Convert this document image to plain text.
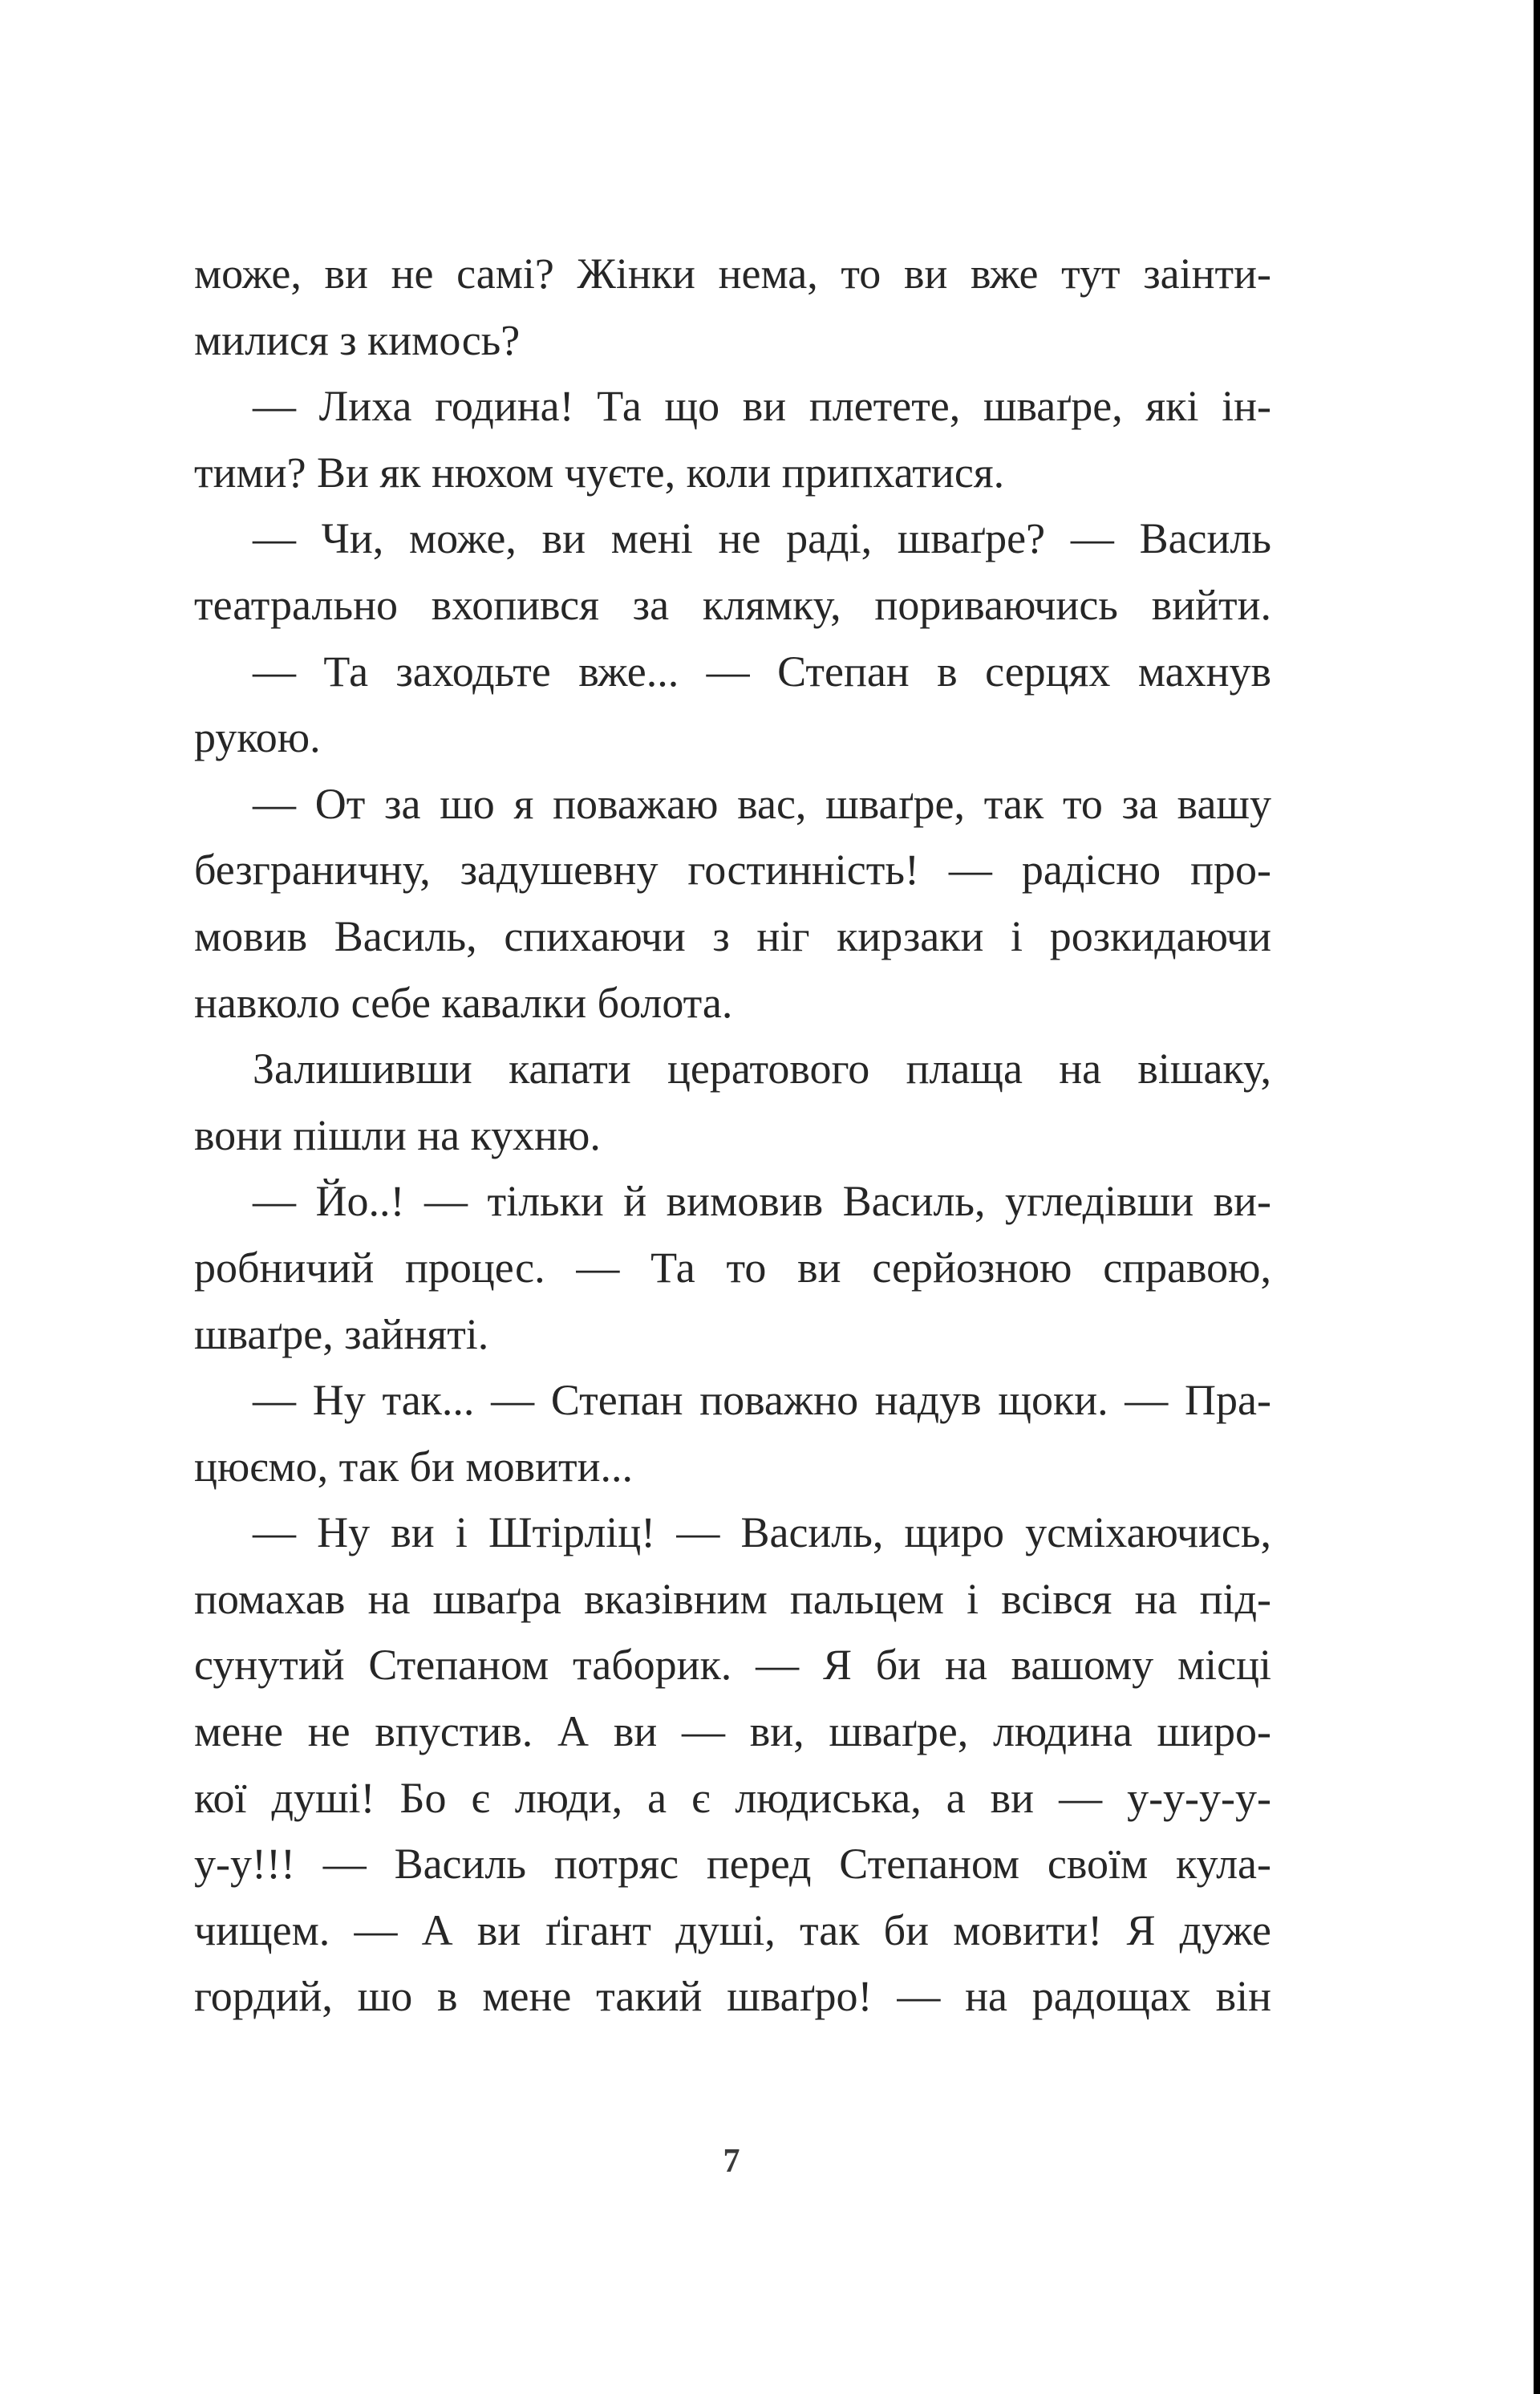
може, ви не самі? Жінки нема, то ви вже тут заінти-
милися з кимось?
— Лиха година! Та що ви плетете, шваґре, які ін-
тими? Ви як нюхом чуєте, коли припхатися.
— Чи, може, ви мені не раді, шваґре? — Василь
театрально вхопився за клямку, пориваючись вийти.
— Та заходьте вже... — Степан в серцях махнув
рукою.
— От за шо я поважаю вас, шваґре, так то за вашу
безграничну, задушевну гостинність! — радісно про-
мовив Василь, спихаючи з ніг кирзаки і розкидаючи
навколо себе кавалки болота.
Залишивши капати цератового плаща на вішаку,
вони пішли на кухню.
— Йо..! — тільки й вимовив Василь, угледівши ви-
робничий процес. — Та то ви серйозною справою,
шваґре, зайняті.
— Ну так... — Степан поважно надув щоки. — Пра-
цюємо, так би мовити...
— Ну ви і Штірліц! — Василь, щиро усміхаючись,
помахав на шваґра вказівним пальцем і всівся на під-
сунутий Степаном таборик. — Я би на вашому місці
мене не впустив. А ви — ви, шваґре, людина широ-
кої душі! Бо є люди, а є людиська, а ви — у-у-у-у-
у-у!!! — Василь потряс перед Степаном своїм кула-
чищем. — А ви ґігант душі, так би мовити! Я дуже
гордий, шо в мене такий шваґро! — на радощах він
7
